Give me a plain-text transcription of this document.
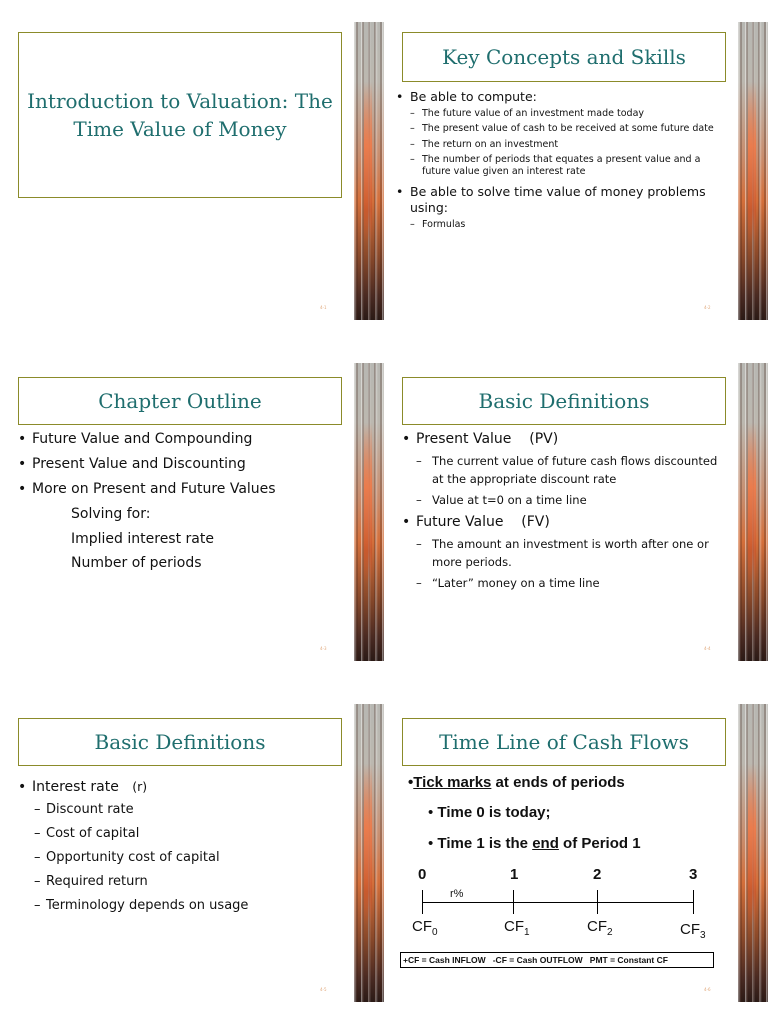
Introduction to Valuation: The Time Value of Money
4-1
Key Concepts and Skills
• Be able to compute:
– The future value of an investment made today
– The present value of cash to be received at some future date
– The return on an investment
– The number of periods that equates a present value and a future value given an interest rate
• Be able to solve time value of money problems using:
– Formulas
4-2
Chapter Outline
• Future Value and Compounding
• Present Value and Discounting
• More on Present and Future Values
Solving for:
Implied interest rate
Number of periods
4-3
Basic Definitions
• Present Value (PV)
– The current value of future cash flows discounted at the appropriate discount rate
– Value at t=0 on a time line
• Future Value (FV)
– The amount an investment is worth after one or more periods.
– “Later” money on a time line
4-4
Basic Definitions
• Interest rate (r)
– Discount rate
– Cost of capital
– Opportunity cost of capital
– Required return
– Terminology depends on usage
4-5
Time Line of Cash Flows
•Tick marks at ends of periods
• Time 0 is today;
• Time 1 is the end of Period 1
0	1	2	3
r%
$CF_0$	$CF_1$	$CF_2$	$CF_3$
+CF = Cash INFLOW   -CF = Cash OUTFLOW   PMT = Constant CF
4-6
